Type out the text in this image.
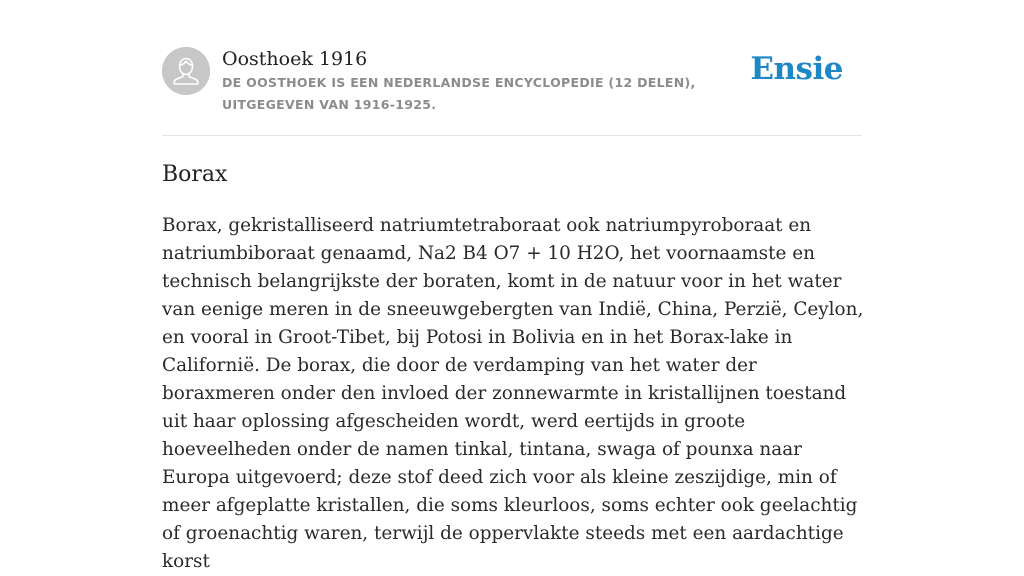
Oosthoek 1916
DE OOSTHOEK IS EEN NEDERLANDSE ENCYCLOPEDIE (12 DELEN), UITGEGEVEN VAN 1916-1925.
Ensie
Borax

Borax, gekristalliseerd natriumtetraboraat ook natriumpyroboraat en natriumbiboraat genaamd, Na2 B4 O7 + 10 H2O, het voornaamste en technisch belangrijkste der boraten, komt in de natuur voor in het water van eenige meren in de sneeuwgebergten van Indië, China, Perzië, Ceylon, en vooral in Groot-Tibet, bij Potosi in Bolivia en in het Borax-lake in Californië. De borax, die door de verdamping van het water der boraxmeren onder den invloed der zonnewarmte in kristallijnen toestand uit haar oplossing afgescheiden wordt, werd eertijds in groote hoeveelheden onder de namen tinkal, tintana, swaga of pounxa naar Europa uitgevoerd; deze stof deed zich voor als kleine zeszijdige, min of meer afgeplatte kristallen, die soms kleurloos, soms echter ook geelachtig of groenachtig waren, terwijl de oppervlakte steeds met een aardachtige korst
